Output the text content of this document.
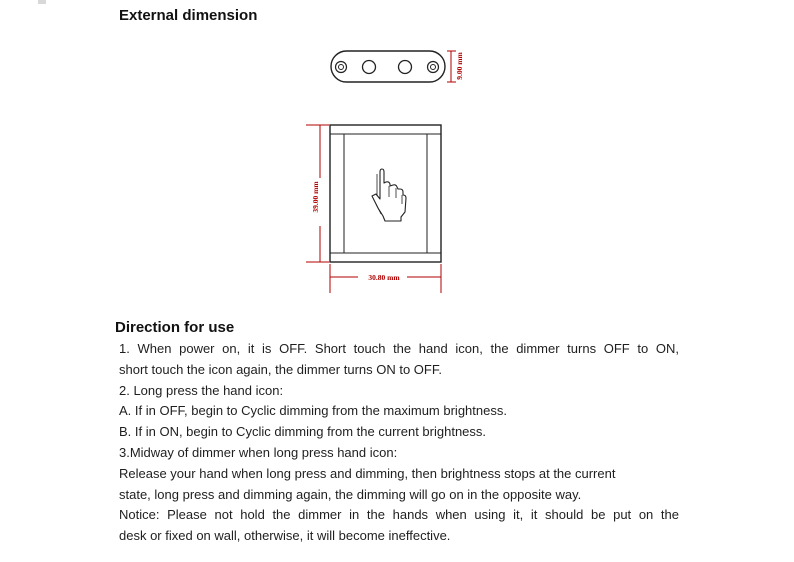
External dimension
9.00 mm
39.00 mm
30.80 mm
Direction for use
1. When power on, it is OFF. Short touch the hand icon, the dimmer turns OFF to ON,
short touch the icon again, the dimmer turns ON to OFF.
2. Long press the hand icon:
A. If in OFF, begin to Cyclic dimming from the maximum brightness.
B. If in ON, begin to Cyclic dimming from the current brightness.
3.Midway of dimmer when long press hand icon:
Release your hand when long press and dimming, then brightness stops at the current
state, long press and dimming again, the dimming will go on in the opposite way.
Notice: Please not hold the dimmer in the hands when using it, it should be put on the
desk or fixed on wall, otherwise, it will become ineffective.
